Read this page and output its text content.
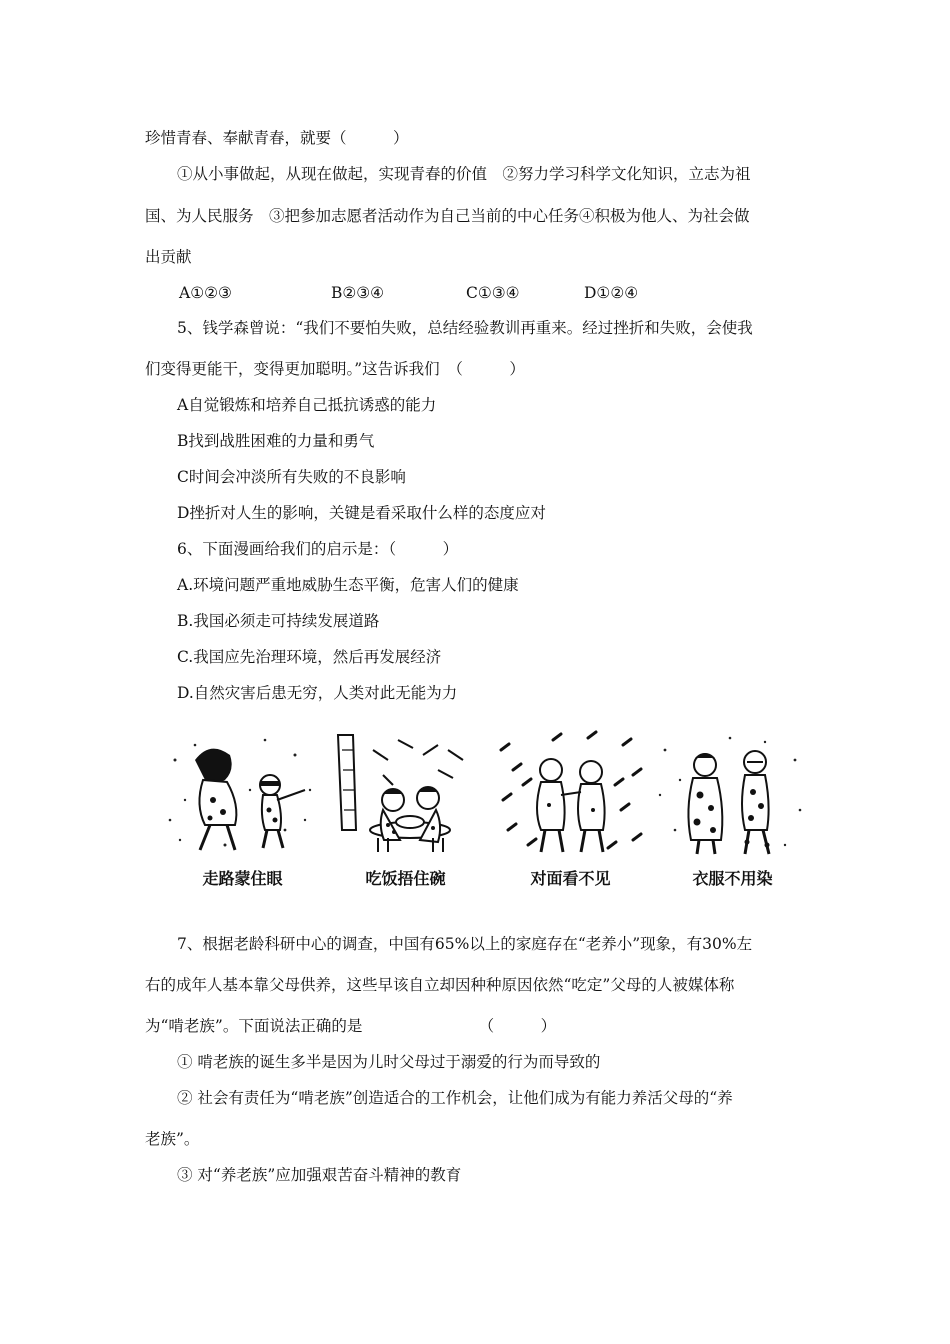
珍惜青春、奉献青春，就要（　　　）
①从小事做起，从现在做起，实现青春的价值　②努力学习科学文化知识，立志为祖
国、为人民服务　③把参加志愿者活动作为自己当前的中心任务④积极为他人、为社会做
出贡献
A①②③	B②③④	C①③④	D①②④
5、钱学森曾说：“我们不要怕失败，总结经验教训再重来。经过挫折和失败，会使我
们变得更能干，变得更加聪明。”这告诉我们　（　　　）
A自觉锻炼和培养自己抵抗诱惑的能力
B找到战胜困难的力量和勇气
C时间会冲淡所有失败的不良影响
D挫折对人生的影响，关键是看采取什么样的态度应对
6、下面漫画给我们的启示是：（　　　）
A.环境问题严重地威胁生态平衡，危害人们的健康
B.我国必须走可持续发展道路
C.我国应先治理环境，然后再发展经济
D.自然灾害后患无穷，人类对此无能为力
走路蒙住眼	吃饭捂住碗	对面看不见	衣服不用染
7、根据老龄科研中心的调查，中国有65%以上的家庭存在“老养小”现象，有30%左
右的成年人基本靠父母供养，这些早该自立却因种种原因依然“吃定”父母的人被媒体称
为“啃老族”。下面说法正确的是　　　　　　　　（　　　）
① 啃老族的诞生多半是因为儿时父母过于溺爱的行为而导致的
② 社会有责任为“啃老族”创造适合的工作机会，让他们成为有能力养活父母的“养
老族”。
③ 对“养老族”应加强艰苦奋斗精神的教育
